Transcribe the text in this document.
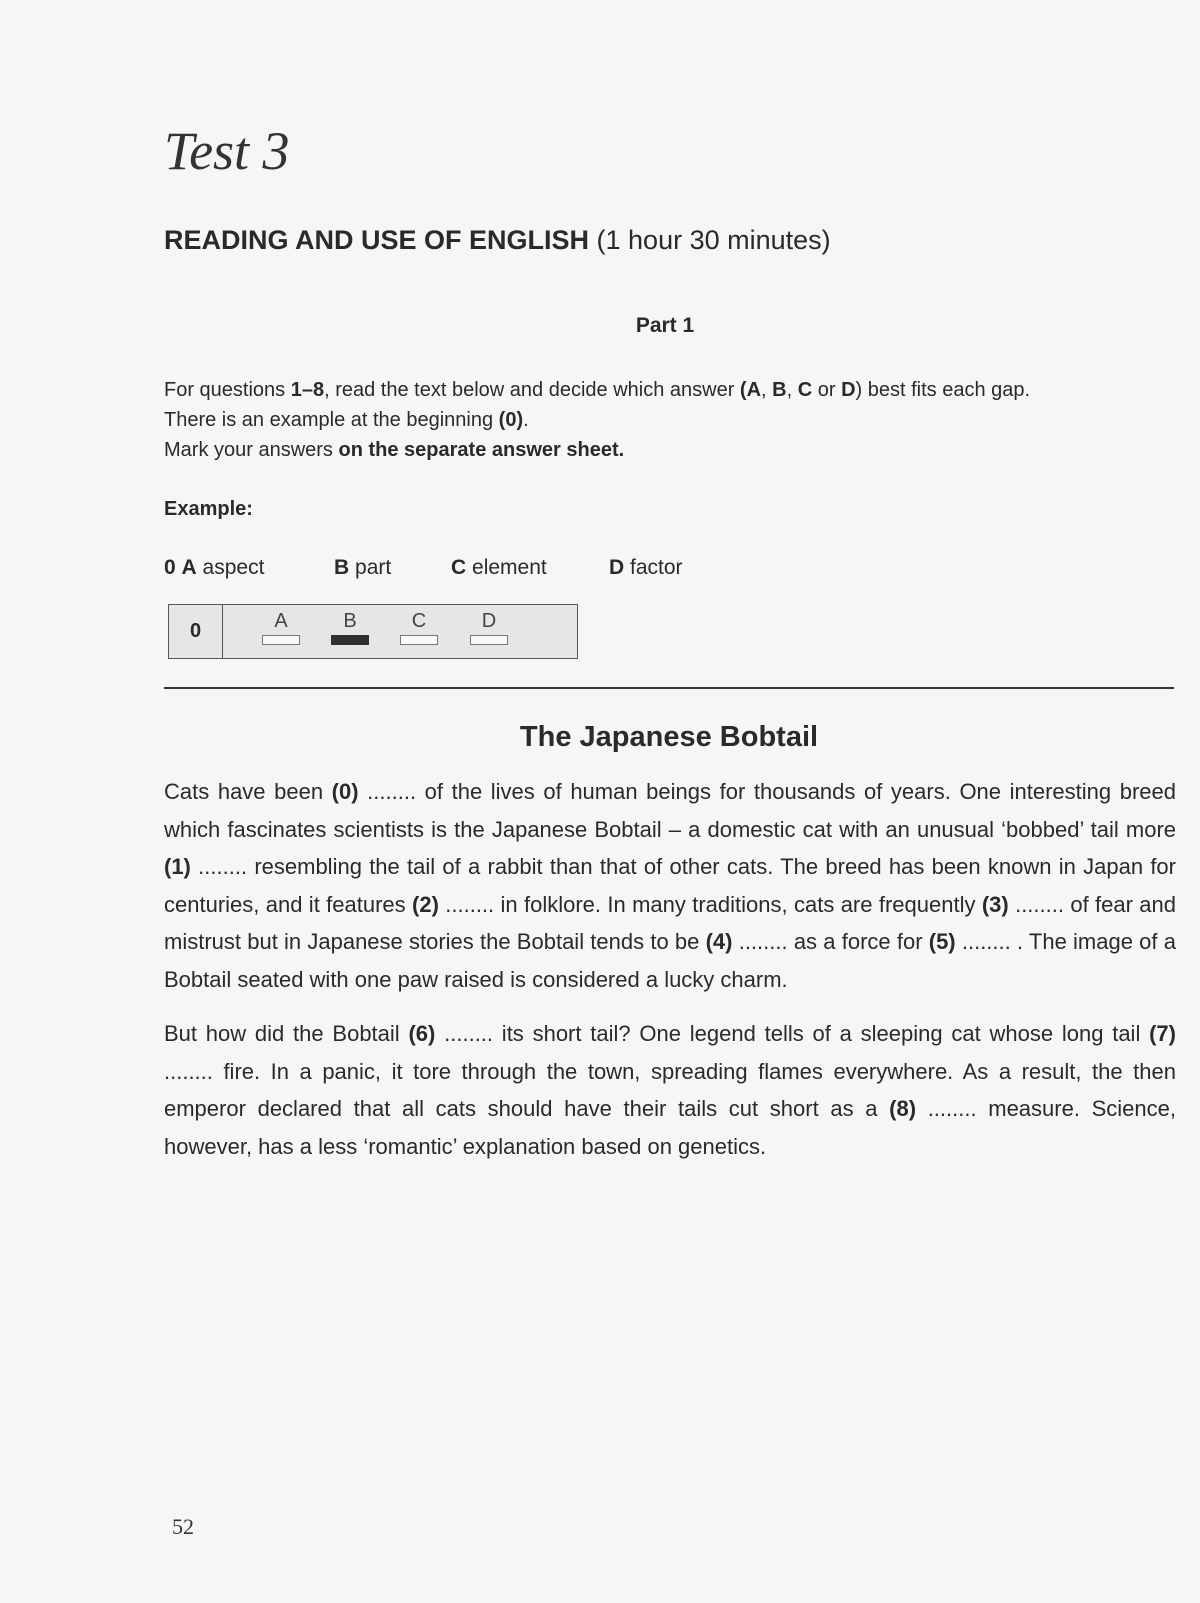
Test 3
READING AND USE OF ENGLISH (1 hour 30 minutes)
Part 1

For questions 1–8, read the text below and decide which answer (A, B, C or D) best fits each gap.

There is an example at the beginning (0).

Mark your answers on the separate answer sheet.

Example:

0 A aspect	B part	C element	D factor
0	A	B	C	D
The Japanese Bobtail

Cats have been (0) ........ of the lives of human beings for thousands of years. One interesting breed which fascinates scientists is the Japanese Bobtail – a domestic cat with an unusual ‘bobbed’ tail more (1) ........ resembling the tail of a rabbit than that of other cats. The breed has been known in Japan for centuries, and it features (2) ........ in folklore. In many traditions, cats are frequently (3) ........ of fear and mistrust but in Japanese stories the Bobtail tends to be (4) ........ as a force for (5) ........ . The image of a Bobtail seated with one paw raised is considered a lucky charm.

But how did the Bobtail (6) ........ its short tail? One legend tells of a sleeping cat whose long tail (7) ........ fire. In a panic, it tore through the town, spreading flames everywhere. As a result, the then emperor declared that all cats should have their tails cut short as a (8) ........ measure. Science, however, has a less ‘romantic’ explanation based on genetics.

52
